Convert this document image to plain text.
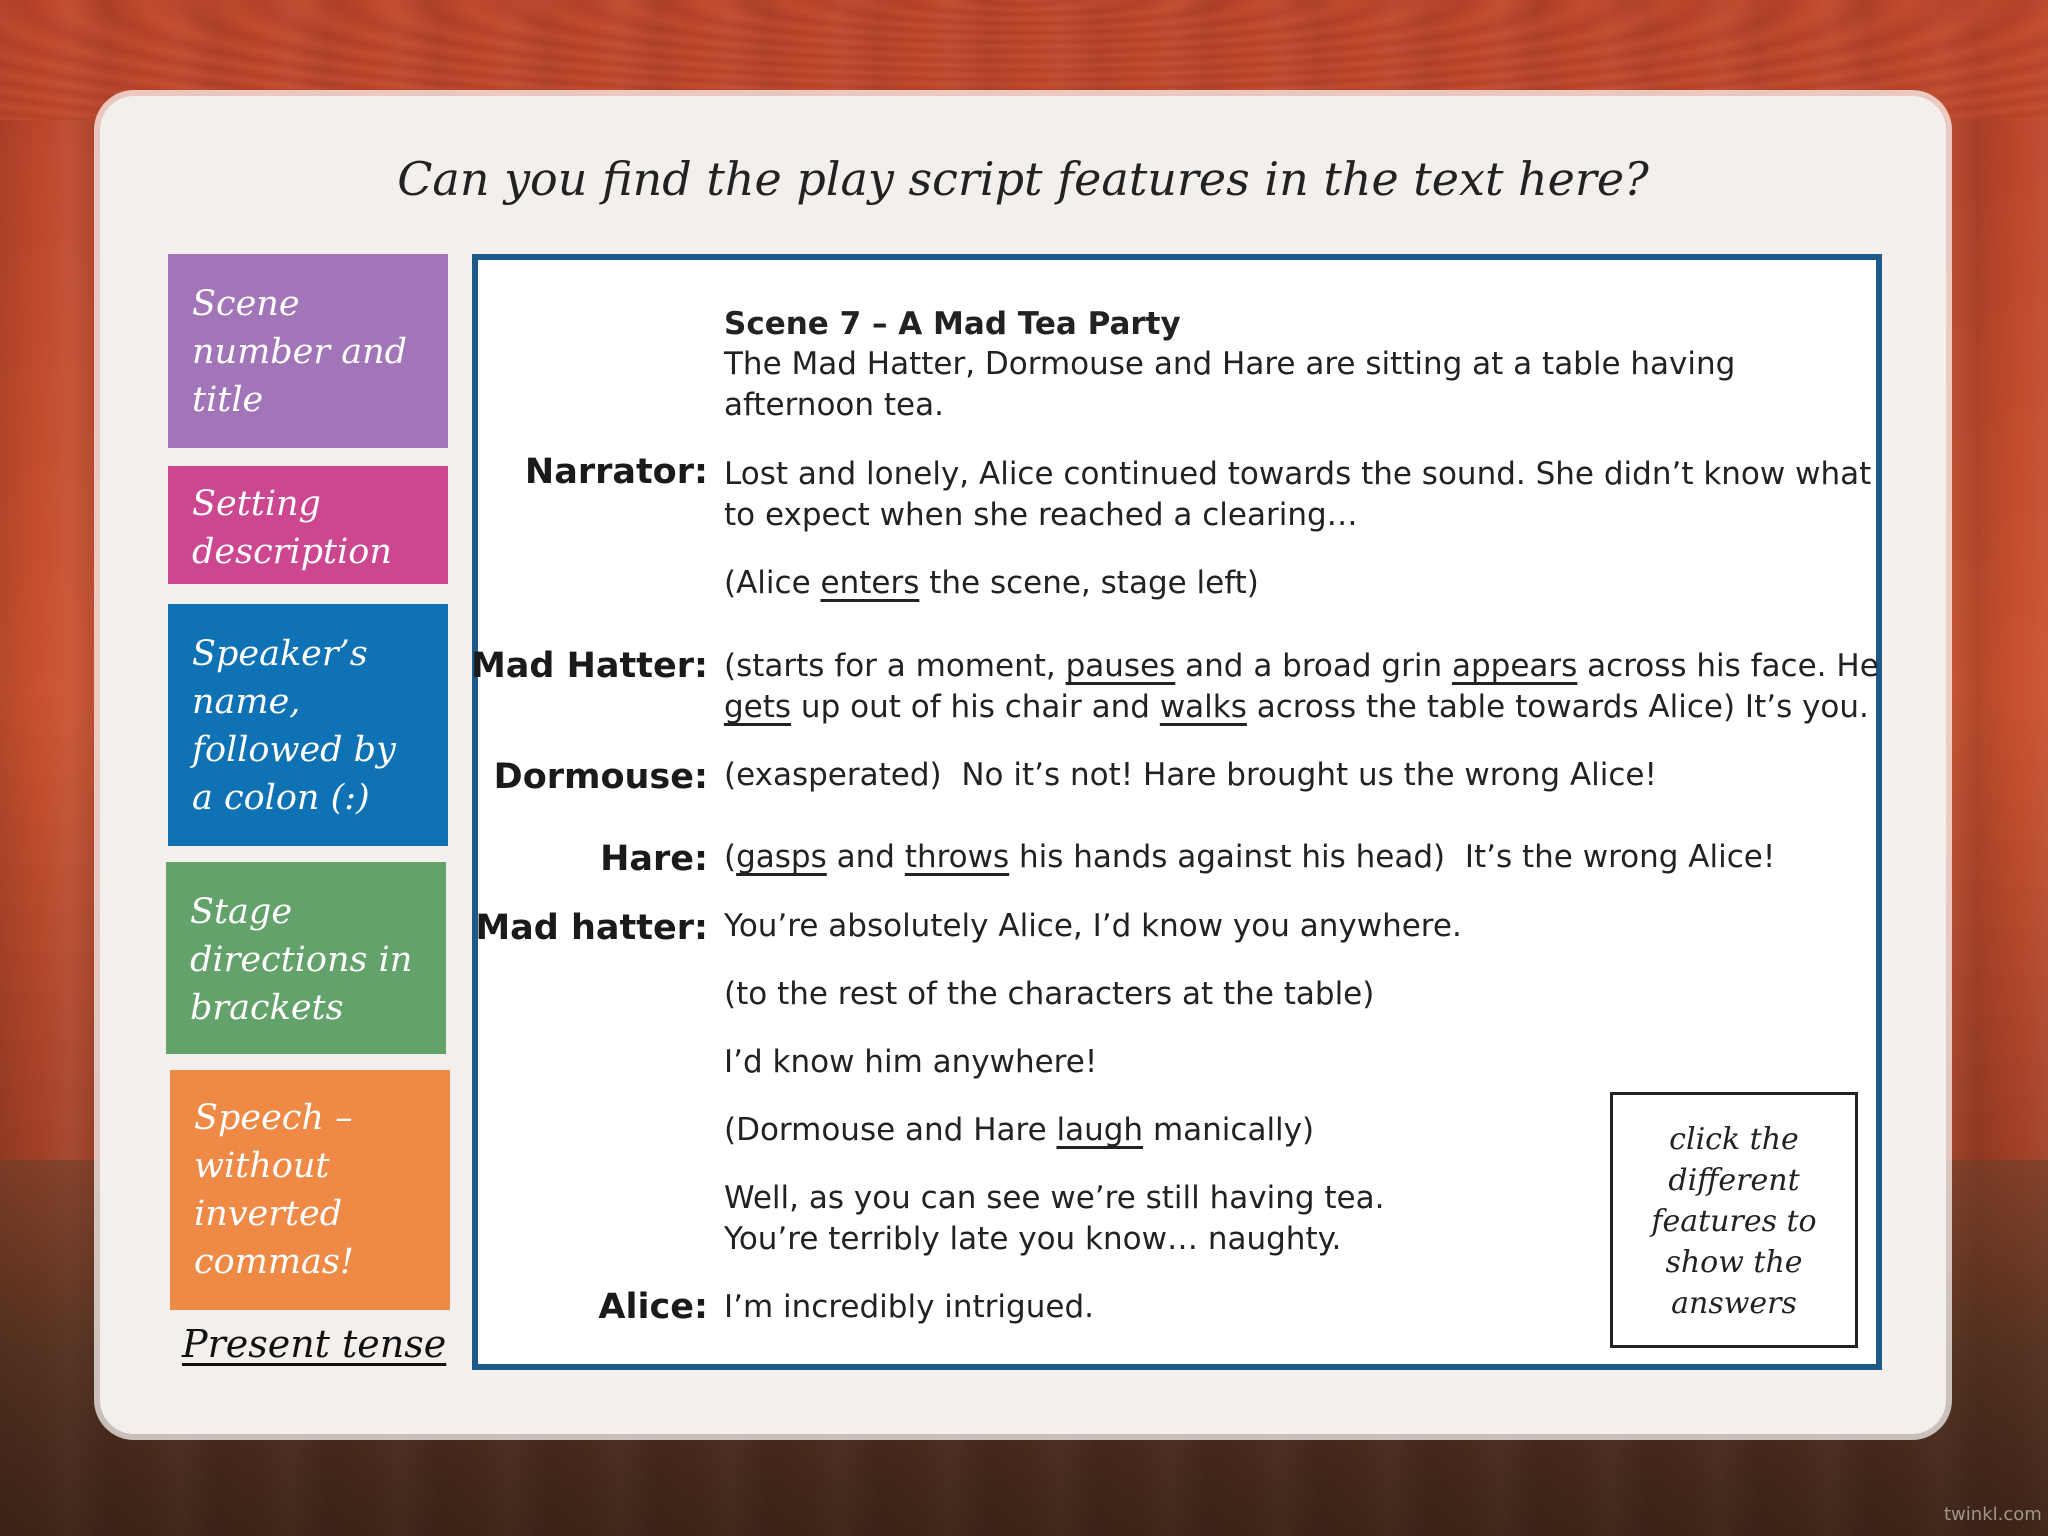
Can you find the play script features in the text here?
Scene number and title
Setting description
Speaker’s name, followed by a colon (:)
Stage directions in brackets
Speech – without inverted commas!
Present tense
Scene 7 – A Mad Tea Party
The Mad Hatter, Dormouse and Hare are sitting at a table having
afternoon tea.
Narrator: Lost and lonely, Alice continued towards the sound. She didn’t know what
to expect when she reached a clearing…
(Alice enters the scene, stage left)
Mad Hatter: (starts for a moment, pauses and a broad grin appears across his face. He
gets up out of his chair and walks across the table towards Alice) It’s you.
Dormouse: (exasperated) No it’s not! Hare brought us the wrong Alice!
Hare: (gasps and throws his hands against his head) It’s the wrong Alice!
Mad hatter: You’re absolutely Alice, I’d know you anywhere.
(to the rest of the characters at the table)
I’d know him anywhere!
(Dormouse and Hare laugh manically)
Well, as you can see we’re still having tea.
You’re terribly late you know… naughty.
Alice: I’m incredibly intrigued.
click the different features to show the answers
twinkl.com
